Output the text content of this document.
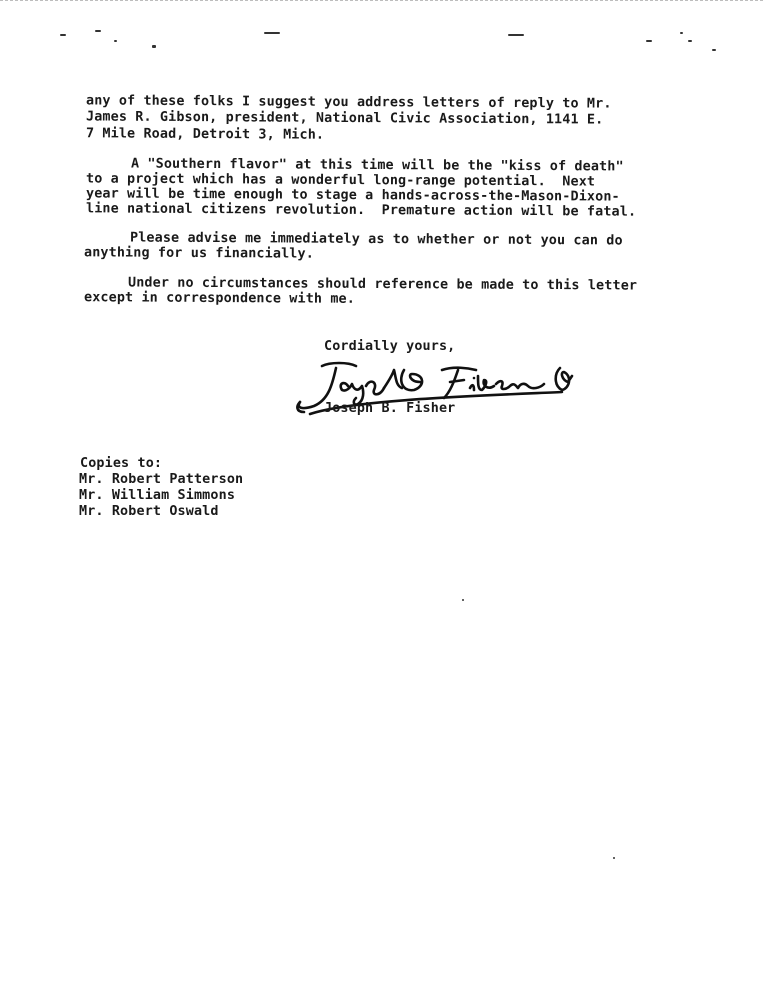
any of these folks I suggest you address letters of reply to Mr.
James R. Gibson, president, National Civic Association, 1141 E.
7 Mile Road, Detroit 3, Mich.
A "Southern flavor" at this time will be the "kiss of death"
to a project which has a wonderful long-range potential.  Next
year will be time enough to stage a hands-across-the-Mason-Dixon-
line national citizens revolution.  Premature action will be fatal.
Please advise me immediately as to whether or not you can do
anything for us financially.
Under no circumstances should reference be made to this letter
except in correspondence with me.
Cordially yours,
Joseph B. Fisher
Copies to:
Mr. Robert Patterson
Mr. William Simmons
Mr. Robert Oswald
